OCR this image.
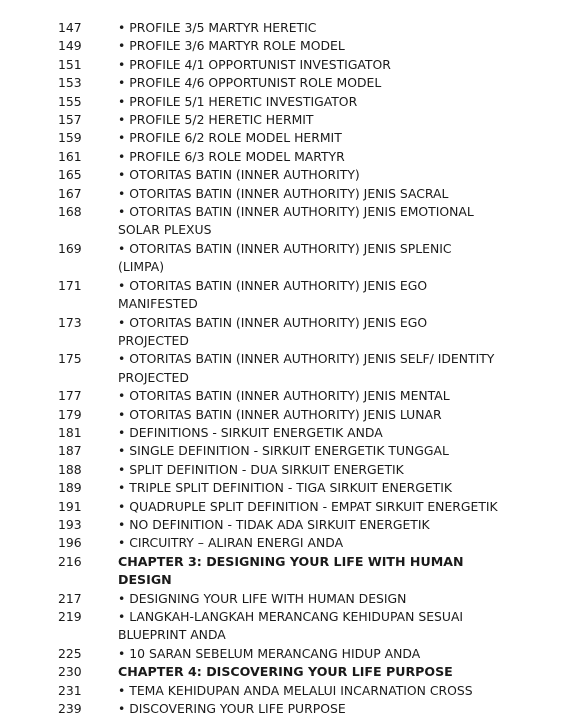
147	• PROFILE 3/5 MARTYR HERETIC
149	• PROFILE 3/6 MARTYR ROLE MODEL
151	• PROFILE 4/1 OPPORTUNIST INVESTIGATOR
153	• PROFILE 4/6 OPPORTUNIST ROLE MODEL
155	• PROFILE 5/1 HERETIC INVESTIGATOR
157	• PROFILE 5/2 HERETIC HERMIT
159	• PROFILE 6/2 ROLE MODEL HERMIT
161	• PROFILE 6/3 ROLE MODEL MARTYR
165	• OTORITAS BATIN (INNER AUTHORITY)
167	• OTORITAS BATIN (INNER AUTHORITY) JENIS SACRAL
168	• OTORITAS BATIN (INNER AUTHORITY) JENIS EMOTIONAL SOLAR PLEXUS
169	• OTORITAS BATIN (INNER AUTHORITY) JENIS SPLENIC (LIMPA)
171	• OTORITAS BATIN (INNER AUTHORITY) JENIS EGO MANIFESTED
173	• OTORITAS BATIN (INNER AUTHORITY) JENIS EGO PROJECTED
175	• OTORITAS BATIN (INNER AUTHORITY) JENIS SELF/ IDENTITY PROJECTED
177	• OTORITAS BATIN (INNER AUTHORITY) JENIS MENTAL
179	• OTORITAS BATIN (INNER AUTHORITY) JENIS LUNAR
181	• DEFINITIONS - SIRKUIT ENERGETIK ANDA
187	• SINGLE DEFINITION - SIRKUIT ENERGETIK TUNGGAL
188	• SPLIT DEFINITION - DUA SIRKUIT ENERGETIK
189	• TRIPLE SPLIT DEFINITION - TIGA SIRKUIT ENERGETIK
191	• QUADRUPLE SPLIT DEFINITION - EMPAT SIRKUIT ENERGETIK
193	• NO DEFINITION - TIDAK ADA SIRKUIT ENERGETIK
196	• CIRCUITRY – ALIRAN ENERGI ANDA
216	CHAPTER 3: DESIGNING YOUR LIFE WITH HUMAN DESIGN
217	• DESIGNING YOUR LIFE WITH HUMAN DESIGN
219	• LANGKAH-LANGKAH MERANCANG KEHIDUPAN SESUAI BLUEPRINT ANDA
225	• 10 SARAN SEBELUM MERANCANG HIDUP ANDA
230	CHAPTER 4: DISCOVERING YOUR LIFE PURPOSE
231	• TEMA KEHIDUPAN ANDA MELALUI INCARNATION CROSS
239	• DISCOVERING YOUR LIFE PURPOSE
